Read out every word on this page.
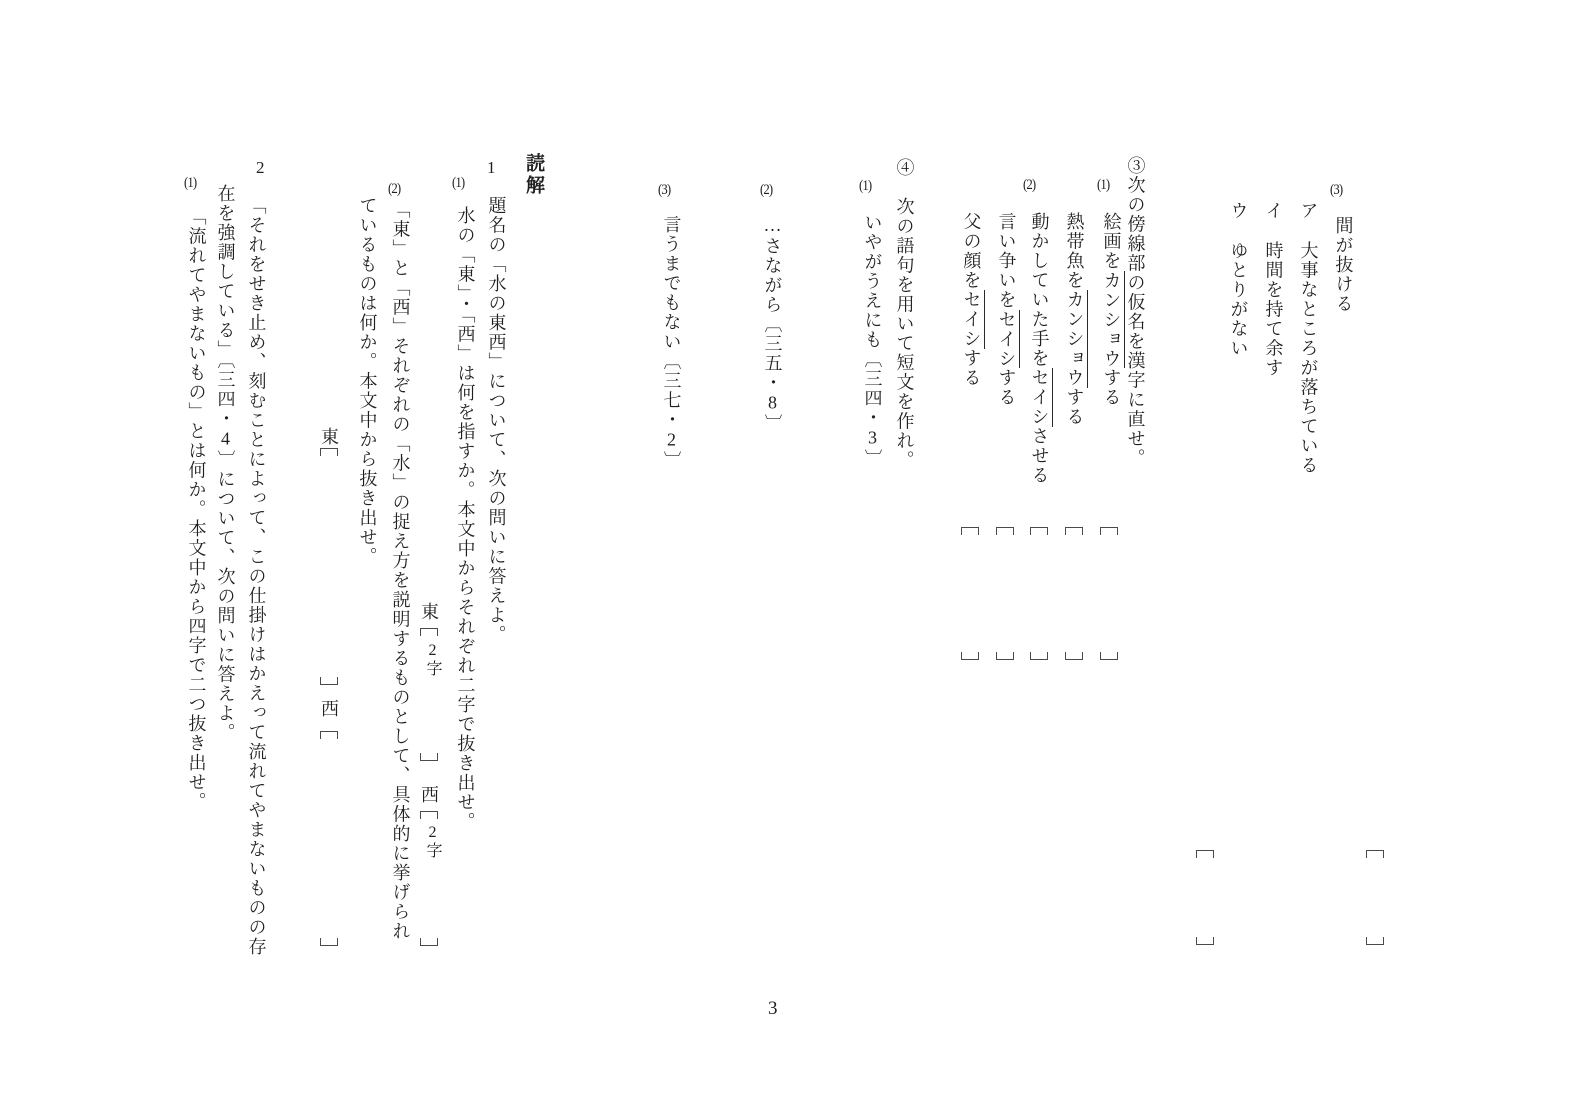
(3)
間が抜ける
ア
大事なところが落ちている
イ
時間を持て余す
ウ
ゆとりがない
③次の傍線部の仮名を漢字に直せ。
(1)
絵画をカンショウする
熱帯魚をカンショウする
(2)
動かしていた手をセイシさせる
言い争いをセイシする
父の顔をセイシする
④　次の語句を用いて短文を作れ。
(1)
いやがうえにも〔三四・3〕
(2)
…さながら〔三五・8〕
(3)
言うまでもない〔三七・2〕
読解
1
題名の「水の東西」について、次の問いに答えよ。
(1)
水の「東」・「西」は何を指すか。本文中からそれぞれ二字で抜き出せ。
東
2字
西
2字
(2)
「東」と「西」それぞれの「水」の捉え方を説明するものとして、具体的に挙げられ
ているものは何か。本文中から抜き出せ。
東
西
2
「それをせき止め、刻むことによって、この仕掛けはかえって流れてやまないものの存
在を強調している」〔三四・4〕について、次の問いに答えよ。
(1)
「流れてやまないもの」とは何か。本文中から四字で二つ抜き出せ。
3
